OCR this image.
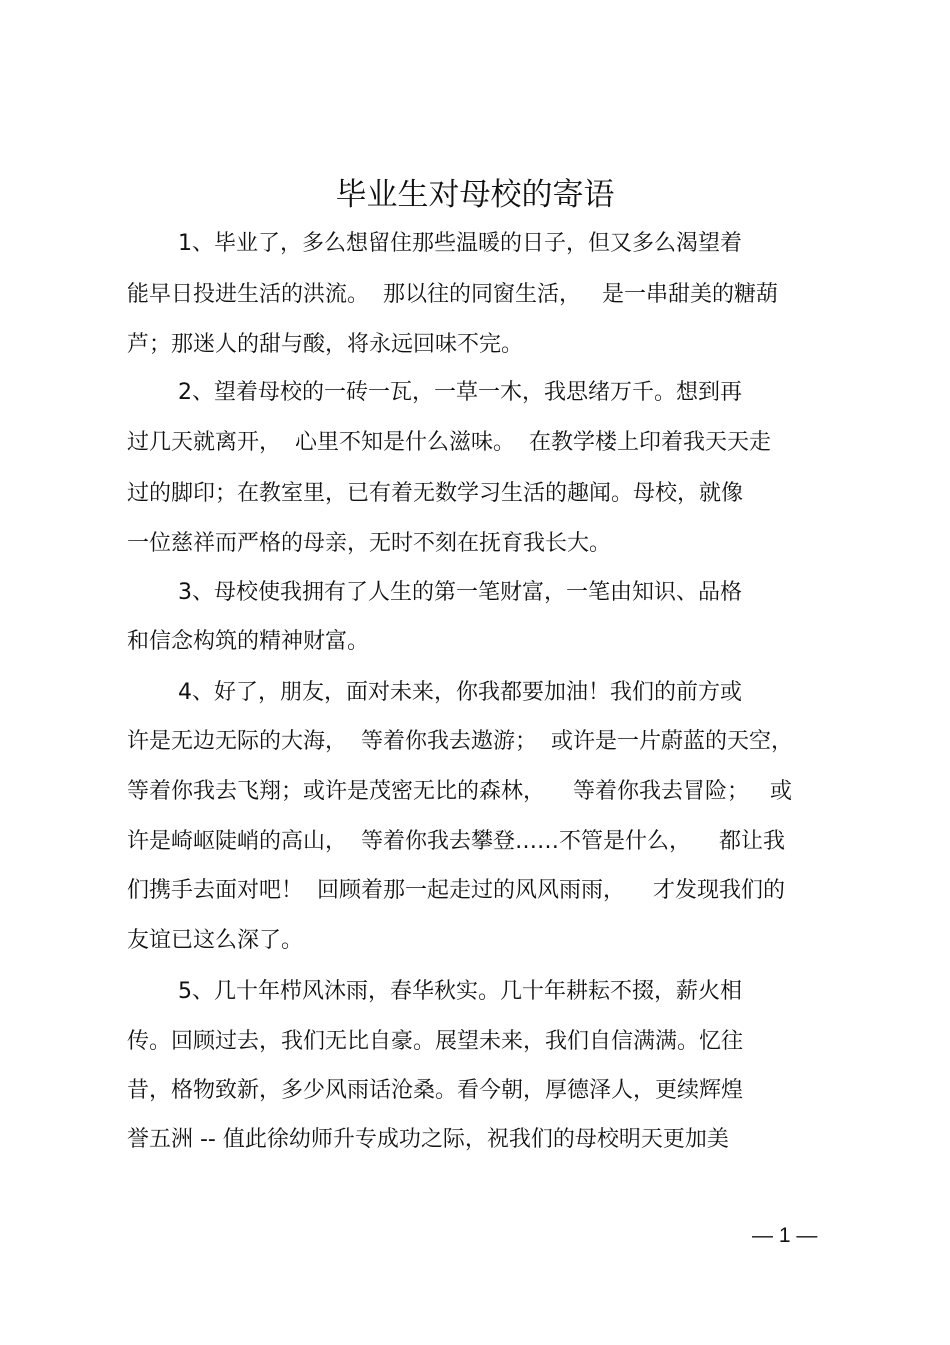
毕业生对母校的寄语
1、毕业了，多么想留住那些温暖的日子，但又多么渴望着
能早日投进生活的洪流。  那以往的同窗生活，   是一串甜美的糖葫
芦；那迷人的甜与酸，将永远回味不完。
2、望着母校的一砖一瓦，一草一木，我思绪万千。想到再
过几天就离开，  心里不知是什么滋味。  在教学楼上印着我天天走
过的脚印；在教室里，已有着无数学习生活的趣闻。母校，就像
一位慈祥而严格的母亲，无时不刻在抚育我长大。
3、母校使我拥有了人生的第一笔财富，一笔由知识、品格
和信念构筑的精神财富。
4、好了，朋友，面对未来，你我都要加油！我们的前方或
许是无边无际的大海，  等着你我去遨游；  或许是一片蔚蓝的天空，
等着你我去飞翔；或许是茂密无比的森林，    等着你我去冒险；   或
许是崎岖陡峭的高山，  等着你我去攀登……不管是什么，    都让我
们携手去面对吧！  回顾着那一起走过的风风雨雨，    才发现我们的
友谊已这么深了。
5、几十年栉风沐雨，春华秋实。几十年耕耘不掇，薪火相
传。回顾过去，我们无比自豪。展望未来，我们自信满满。忆往
昔，格物致新，多少风雨话沧桑。看今朝，厚德泽人，更续辉煌
誉五洲 -- 值此徐幼师升专成功之际，祝我们的母校明天更加美
— 1 —
